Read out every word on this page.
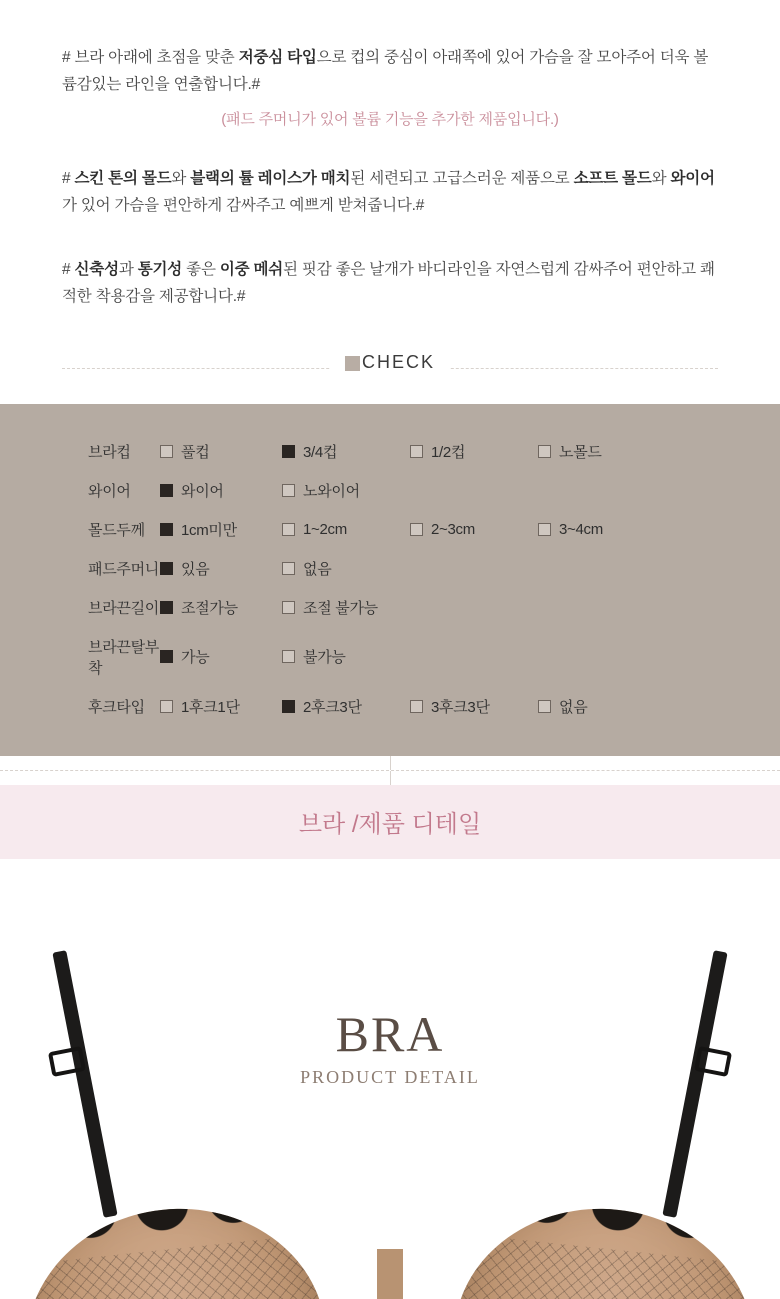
# 브라 아래에 초점을 맞춘 저중심 타입으로 컵의 중심이 아래쪽에 있어 가슴을 잘 모아주어 더욱 볼륨감있는 라인을 연출합니다.#

(패드 주머니가 있어 볼륨 기능을 추가한 제품입니다.)

# 스킨 톤의 몰드와 블랙의 튤 레이스가 매치된 세련되고 고급스러운 제품으로 소프트 몰드와 와이어가 있어 가슴을 편안하게 감싸주고 예쁘게 받쳐줍니다.#

# 신축성과 통기성 좋은 이중 메쉬된 핏감 좋은 날개가 바디라인을 자연스럽게 감싸주어 편안하고 쾌적한 착용감을 제공합니다.#

CHECK
브라컵	풀컵	3/4컵	1/2컵	노몰드

와이어	와이어	노와이어		

몰드두께	1cm미만	1~2cm	2~3cm	3~4cm

패드주머니	있음	없음		

브라끈길이	조절가능	조절 불가능		

브라끈탈부착	가능	불가능		

후크타입	1후크1단	2후크3단	3후크3단	없음
브라 /제품 디테일
BRA
PRODUCT DETAIL
